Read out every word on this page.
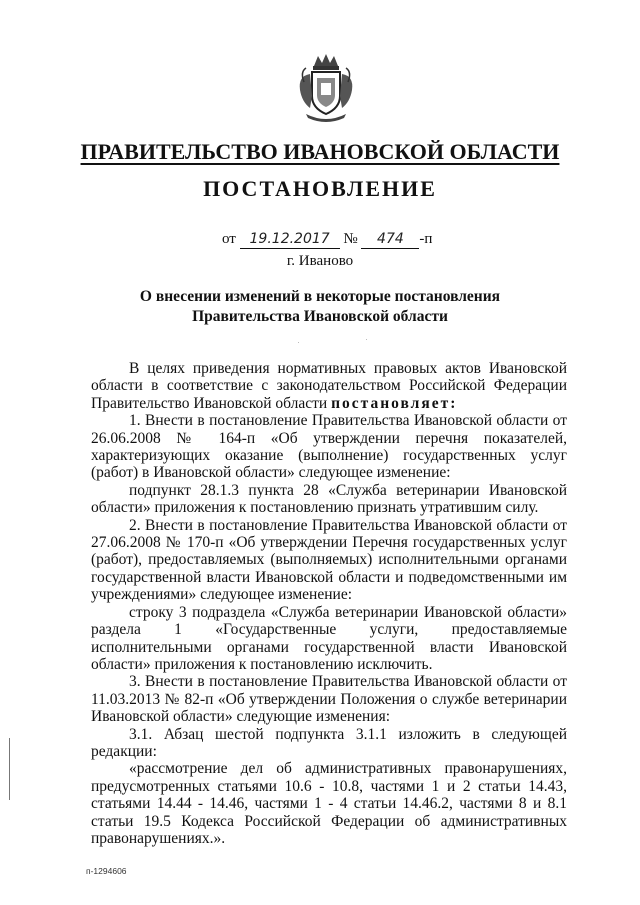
ПРАВИТЕЛЬСТВО ИВАНОВСКОЙ ОБЛАСТИ
ПОСТАНОВЛЕНИЕ
от 19.12.2017 № 474 -п
г. Иваново
О внесении изменений в некоторые постановления
Правительства Ивановской области

В целях приведения нормативных правовых актов Ивановской области в соответствие с законодательством Российской Федерации Правительство Ивановской области постановляет:

1. Внести в постановление Правительства Ивановской области от 26.06.2008 № 164-п «Об утверждении перечня показателей, характеризующих оказание (выполнение) государственных услуг (работ) в Ивановской области» следующее изменение:

подпункт 28.1.3 пункта 28 «Служба ветеринарии Ивановской области» приложения к постановлению признать утратившим силу.

2. Внести в постановление Правительства Ивановской области от 27.06.2008 № 170-п «Об утверждении Перечня государственных услуг (работ), предоставляемых (выполняемых) исполнительными органами государственной власти Ивановской области и подведомственными им учреждениями» следующее изменение:

строку 3 подраздела «Служба ветеринарии Ивановской области» раздела 1 «Государственные услуги, предоставляемые исполнительными органами государственной власти Ивановской области» приложения к постановлению исключить.

3. Внести в постановление Правительства Ивановской области от 11.03.2013 № 82-п «Об утверждении Положения о службе ветеринарии Ивановской области» следующие изменения:

3.1. Абзац шестой подпункта 3.1.1 изложить в следующей редакции:

«рассмотрение дел об административных правонарушениях, предусмотренных статьями 10.6 - 10.8, частями 1 и 2 статьи 14.43, статьями 14.44 - 14.46, частями 1 - 4 статьи 14.46.2, частями 8 и 8.1 статьи 19.5 Кодекса Российской Федерации об административных правонарушениях.».

п-1294606
